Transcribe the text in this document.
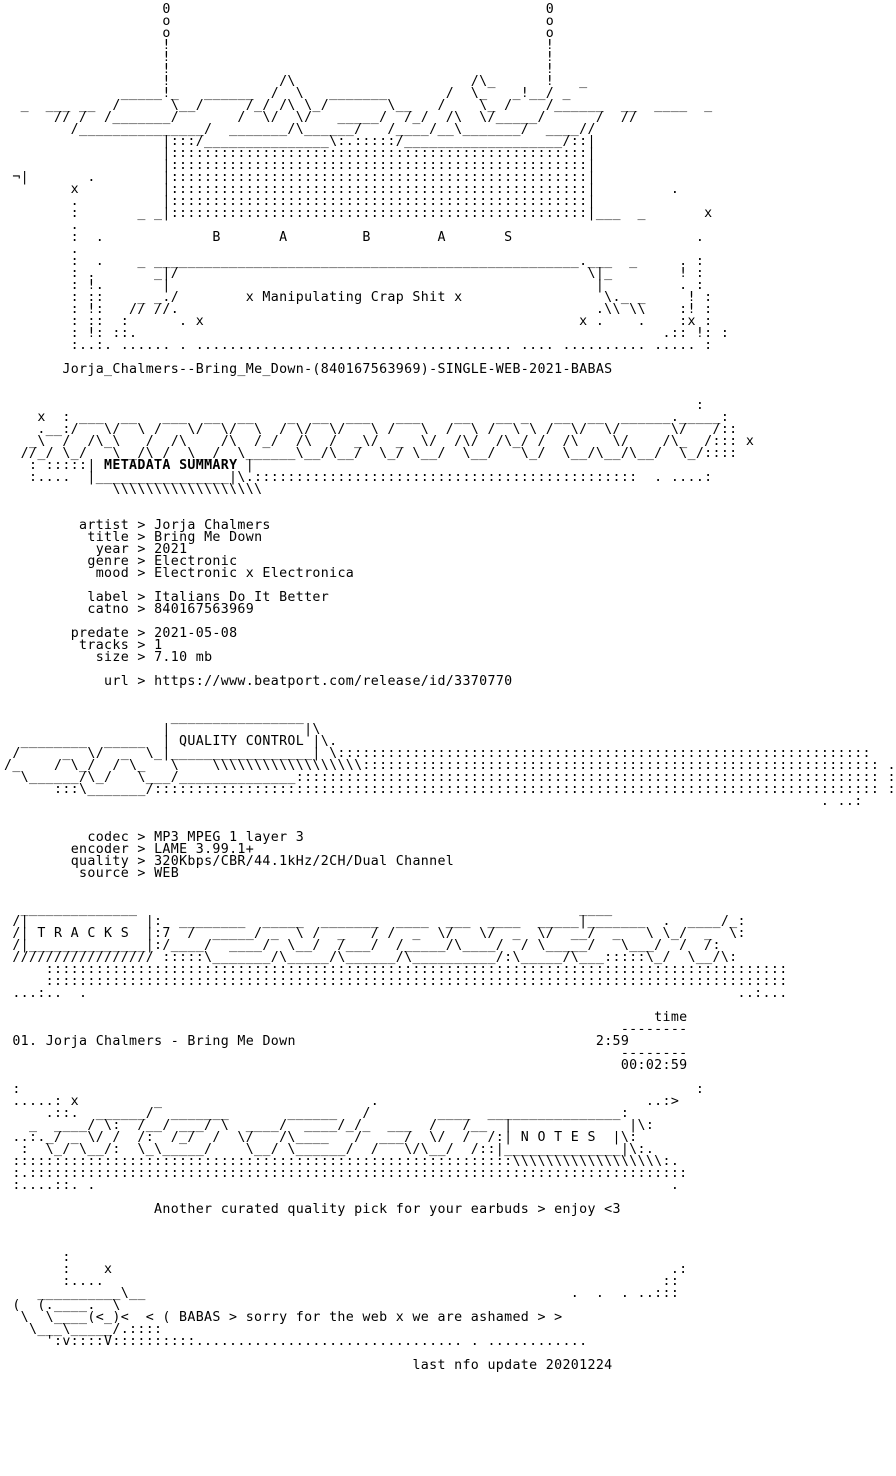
0                                             0
o                                             o
o                                             o
!                                             !
!                                             !
!                                             !
!             /\                     /\_      !   _
_____!_   ______  /  \   _______       /  \_   _!__/ _
_  ___ __  /      \__/     /_/ /\ \_/       \__   /    \_ /    /______  __  ____  _
// /  /_______/       /  \/  \/   _____/  /_/  /\  \/_____/      /  //
/_______________/  _______/\______/   /____/__\_______/  ____//
|:::/_______________\:.:::::/___________________/::|
|::::::::::::::::::::::::::::::::::::::::::::::::::|
|::::::::::::::::::::::::::::::::::::::::::::::::::|
¬|       .        |::::::::::::::::::::::::::::::::::::::::::::::::::|
x          |::::::::::::::::::::::::::::::::::::::::::::::::::|         .
.          |::::::::::::::::::::::::::::::::::::::::::::::::::|
:       _ _|::::::::::::::::::::::::::::::::::::::::::::::::::|___  _       x
.
:  .             B       A         B        A       S                      .
.
:  .    _ ___________________________________________________.___  _     . :
: .       _|/                                                 \|_        ! :
: !.       |                                                   |         . :
: ::    _ _./        x Manipulating Crap Shit x                 \._ _     ! :
: !:   // //.                                                  .\\ \\    :! :
: ::  :      . x                                             x .    .    :x :
: !: ::.                                                               .:: !: :
:..:. ...... . ...................................... .... .......... ..... :

Jorja_Chalmers--Bring_Me_Down-(840167563969)-SINGLE-WEB-2021-BABAS

:
x  : ___  __   ___  __  __    _  __  ___   ___    __   __ _   __  __  ______._____:
.__:/   \/  \ /   \/  \/  \  / \/  \/   \ /   \  /  \ /  \ \ /  \/  \/      \/   /::
_\  /  /\_\   /  /\    /\  /_/  /\  /  _\/  _  \/  /\/  /\_/ /  /\    \/    /\_  /::: x
//_/ \_/   \__/\_/  \__/  \______\__/\__/  \_/ \__/  \__/   \_/  \__/\__/\__/  \_/::::
: :::::| METADATA SUMMARY |
:....  |________________|\.::::::::::::::::::::::::::::::::::::::::::::::  . ....:
\\\\\\\\\\\\\\\\\\

artist > Jorja Chalmers
title > Bring Me Down
year > 2021
genre > Electronic
mood > Electronic x Electronica

label > Italians Do It Better
catno > 840167563969

predate > 2021-05-08
tracks > 1
size > 7.10 mb

url > https://www.beatport.com/release/id/3370770

________________
|                |\
________  _____  | QUALITY CONTROL |\.
/     _  \/  _  \_|_________________| \::::::::::::::::::::::::::::::::::::::::::::::::::::::::::::::::
/_    / \_/  / \_   \    \\\\\\\\\\\\\\\\\\:::::::::::::::::::::::::::::::::::::::::::::::::::::::::::::: .
\______/\_/   \___/______________:::::::::::::::::::::::::::::::::::::::::::::::::::::::::::::::::::::: :
:::\_______/::::::::::::::::::::::::::::::::::::::::::::::::::::::::::::::::::::::::::::::::::::::: :
. ..:

codec > MP3 MPEG 1 layer 3
encoder > LAME 3.99.1+
quality > 320Kbps/CBR/44.1kHz/2CH/Dual Channel
source > WEB

______________                                                     ____
/|              |:  ________  _____  _______  ____  ___  ____  _____|_______  .  ____/_:
/| T R A C K S  |:7  /  _____/ _  \ /  _   / /  _  \/   \/  _  \/  __/  _   \ \_/  _  \:
/|______________|:/____/  ____/  \__/  /___/  /_____/\____/  / \_____/   \___/  /  /:
///////////////// :::::\_______/\_____/\______/\__________/:\_____/\___:::::\_/  \__/\:
:::::::::::::::::::::::::::::::::::::::::::::::::::::::::::::::::::::::::::::::::::::::::
:::::::::::::::::::::::::::::::::::::::::::::::::::::::::::::::::::::::::::::::::::::::::
...:..  .                                                                              ..:...

time
--------
01. Jorja Chalmers - Bring Me Down	2:59
--------
00:02:59

:                                                                                 :
.....: x         _                         .                                ..:>
.::.  ______/  _______       ______   /        ____  ________________:
_  ____/ \:  /__/ ___/ \  ____/  ____/_/_  ___  /   /__  |              |\:
..:._/ _ \/ /  /:  /_/  /  \/   /\____   /  ___/  \/  /  /:| N O T E S  |\:
:  \_/ \__/:  \_\_____/    \__/ \______/  /   \/\__/  /::|______________|\:.
::::::::::::::::::::::::::::::::::::::::::::::::::::::::::::\\\\\\\\\\\\\\\\\\:.
:.:::::::::::::::::::::::::::::::::::::::::::::::::::::::::::::::::::::::::::::::
:....::. .                                                                     .

Another curated quality pick for your earbuds > enjoy <3

:
:    x                                                                   .:
:....                                                                   ::
__________\__                                                   .  .  . ..:::
(  (.____.  \
\  \____(<_)<  < ( BABAS > sorry for the web x we are ashamed > >
\___\_____/.::::
':v::::V::::::::::................................ . ............

last nfo update 20201224
